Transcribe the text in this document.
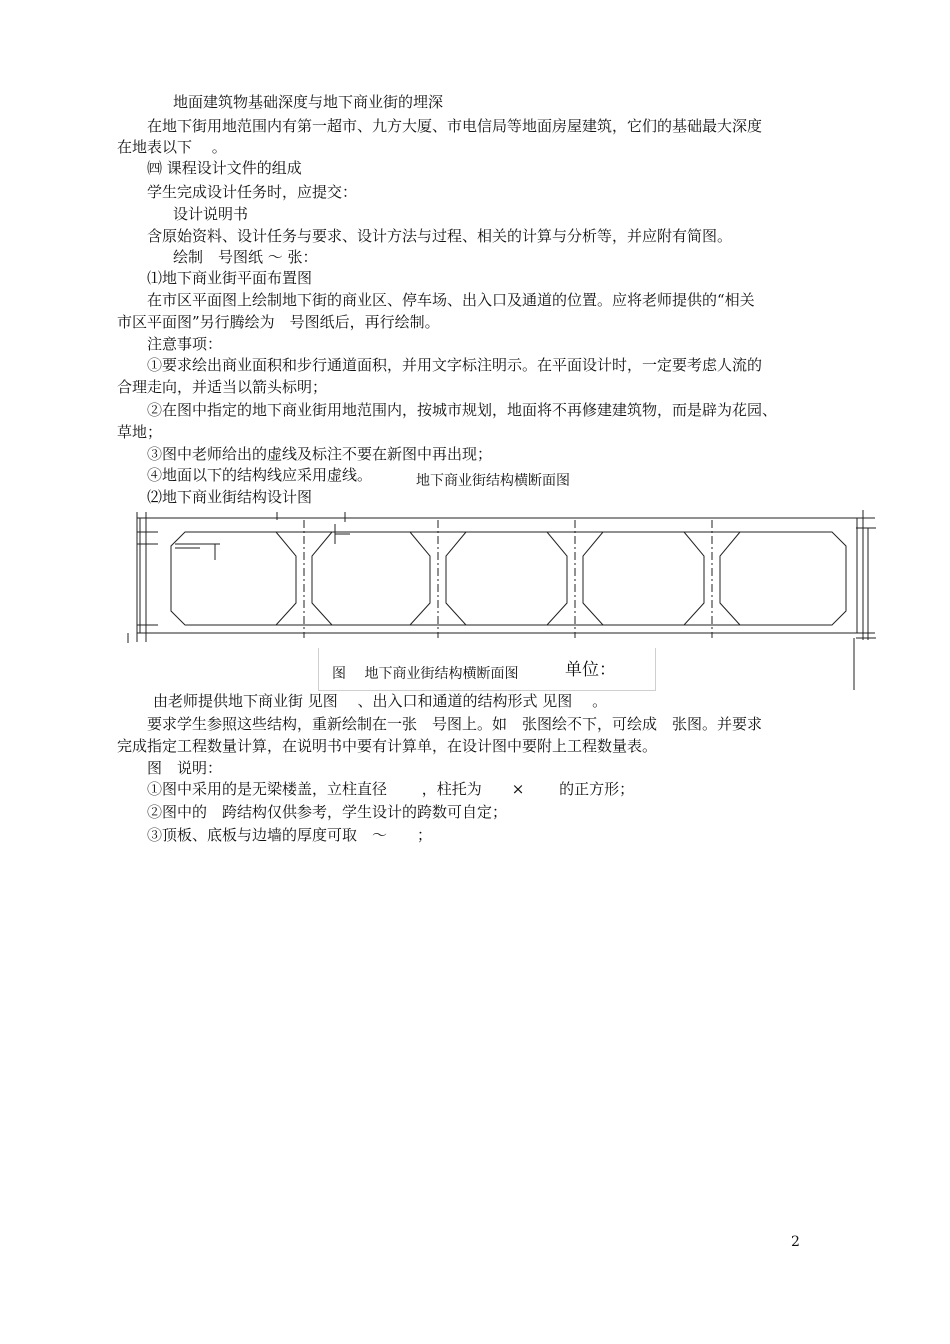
地面建筑物基础深度与地下商业街的埋深
在地下街用地范围内有第一超市、九方大厦、市电信局等地面房屋建筑，它们的基础最大深度
在地表以下　 。
㈣ 课程设计文件的组成
学生完成设计任务时，应提交：
设计说明书
含原始资料、设计任务与要求、设计方法与过程、相关的计算与分析等，并应附有简图。
绘制　号图纸 ～ 张：
⑴地下商业街平面布置图
在市区平面图上绘制地下街的商业区、停车场、出入口及通道的位置。应将老师提供的“相关
市区平面图”另行腾绘为　号图纸后，再行绘制。
注意事项：
①要求绘出商业面积和步行通道面积，并用文字标注明示。在平面设计时，一定要考虑人流的
合理走向，并适当以箭头标明；
②在图中指定的地下商业街用地范围内，按城市规划，地面将不再修建建筑物，而是辟为花园、
草地；
③图中老师给出的虚线及标注不要在新图中再出现；
④地面以下的结构线应采用虚线。	地下商业街结构横断面图
⑵地下商业街结构设计图
图　 地下商业街结构横断面图	单位：
由老师提供地下商业街 见图　 、出入口和通道的结构形式 见图　 。
要求学生参照这些结构，重新绘制在一张　号图上。如　张图绘不下，可绘成　张图。并要求
完成指定工程数量计算，在说明书中要有计算单，在设计图中要附上工程数量表。
图　说明：
①图中采用的是无梁楼盖，立柱直径　　 ，柱托为　　×　　 的正方形；
②图中的　跨结构仅供参考，学生设计的跨数可自定；
③顶板、底板与边墙的厚度可取　～　　；
2
